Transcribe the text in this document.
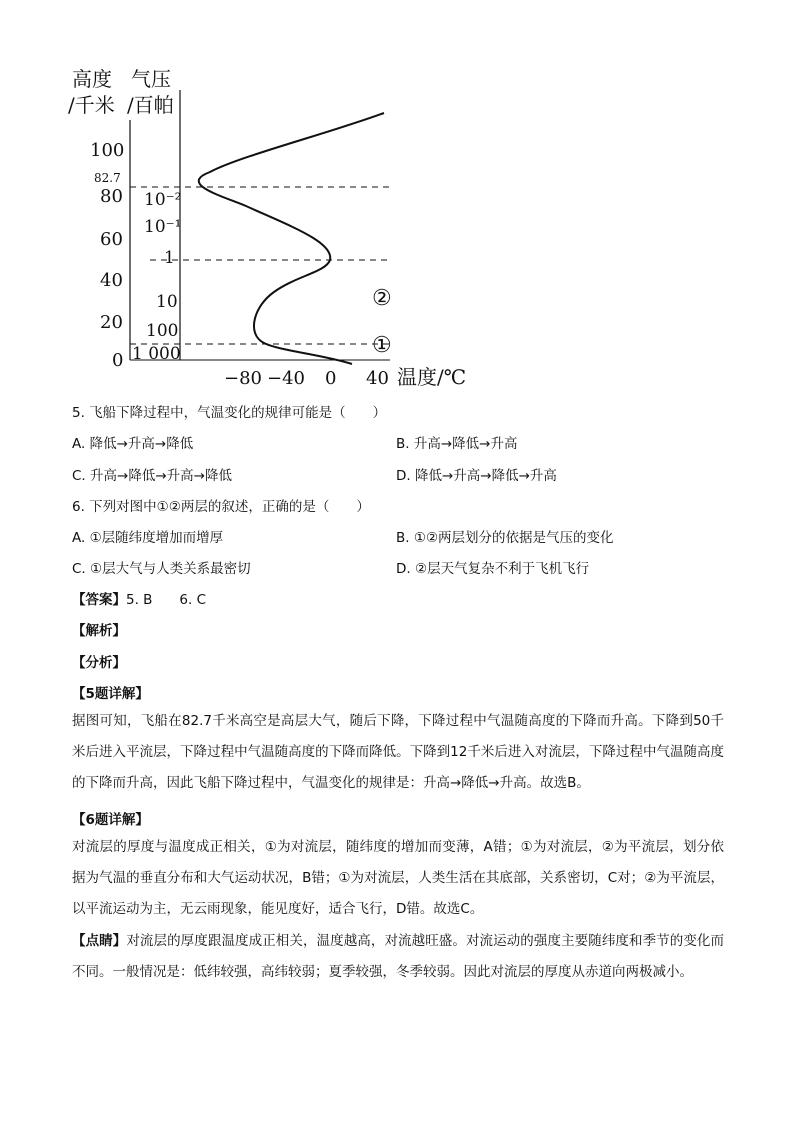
高度
/千米
气压
/百帕
100
80
60
40
20
0
82.7
10⁻²
10⁻¹
1
10
100
1 000
②
①
−80 −40 0 40 温度/℃
5. 飞船下降过程中，气温变化的规律可能是（　　）
A. 降低→升高→降低	B. 升高→降低→升高
C. 升高→降低→升高→降低	D. 降低→升高→降低→升高
6. 下列对图中①②两层的叙述，正确的是（　　）
A. ①层随纬度增加而增厚	B. ①②两层划分的依据是气压的变化
C. ①层大气与人类关系最密切	D. ②层天气复杂不利于飞机飞行
【答案】5. B　　6. C
【解析】
【分析】
【5题详解】
据图可知，飞船在82.7千米高空是高层大气，随后下降，下降过程中气温随高度的下降而升高。下降到50千米后进入平流层，下降过程中气温随高度的下降而降低。下降到12千米后进入对流层，下降过程中气温随高度的下降而升高，因此飞船下降过程中，气温变化的规律是：升高→降低→升高。故选B。
【6题详解】
对流层的厚度与温度成正相关，①为对流层，随纬度的增加而变薄，A错；①为对流层，②为平流层，划分依据为气温的垂直分布和大气运动状况，B错；①为对流层，人类生活在其底部，关系密切，C对；②为平流层，以平流运动为主，无云雨现象，能见度好，适合飞行，D错。故选C。
【点睛】对流层的厚度跟温度成正相关，温度越高，对流越旺盛。对流运动的强度主要随纬度和季节的变化而不同。一般情况是：低纬较强，高纬较弱；夏季较强，冬季较弱。因此对流层的厚度从赤道向两极减小。
